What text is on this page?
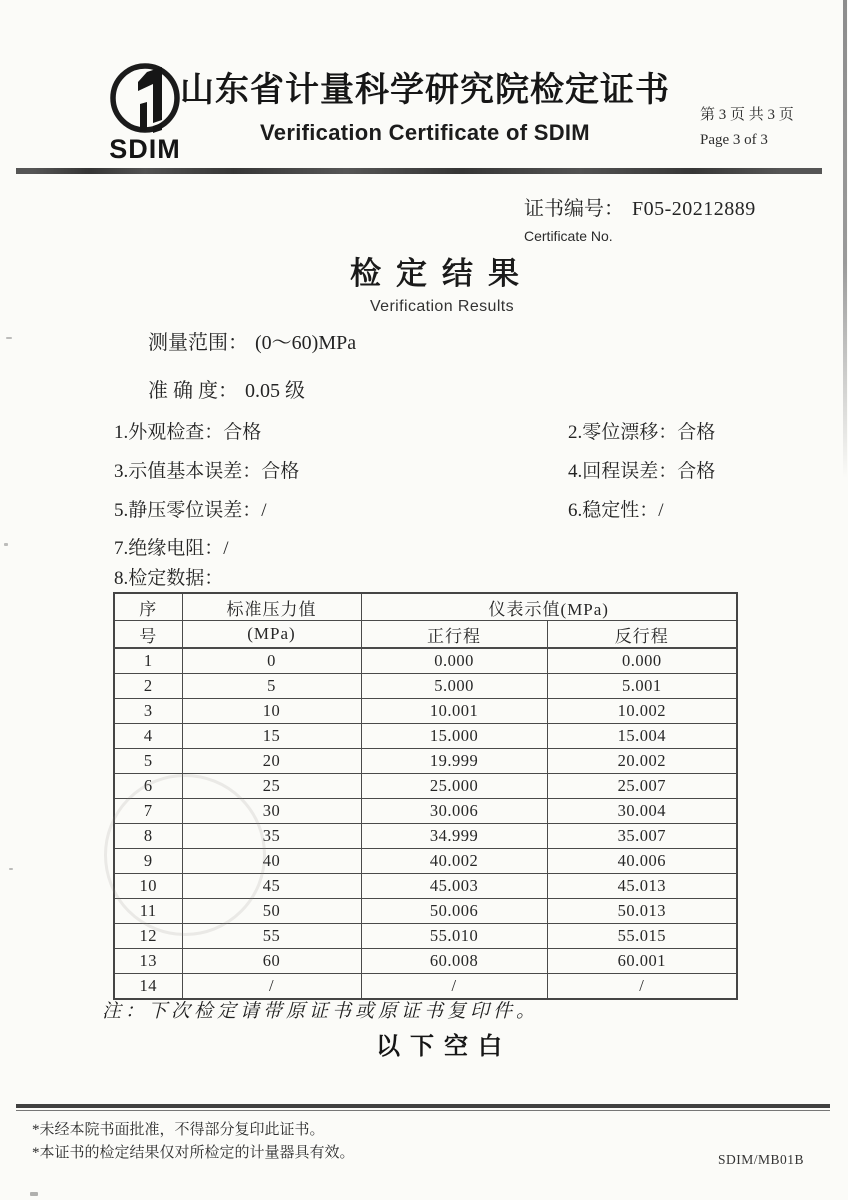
SDIM
山东省计量科学研究院检定证书
Verification Certificate of SDIM
第 3 页 共 3 页
Page 3 of 3
证书编号： F05-20212889
Certificate No.
检定结果
Verification Results
测量范围： (0～60)MPa
准 确 度： 0.05 级
1.外观检查：合格	2.零位漂移：合格
3.示值基本误差：合格	4.回程误差：合格
5.静压零位误差：/	6.稳定性：/
7.绝缘电阻：/
8.检定数据：
序	标准压力值	仪表示值(MPa)	
号	(MPa)	正行程	反行程
1	0	0.000	0.000
2	5	5.000	5.001
3	10	10.001	10.002
4	15	15.000	15.004
5	20	19.999	20.002
6	25	25.000	25.007
7	30	30.006	30.004
8	35	34.999	35.007
9	40	40.002	40.006
10	45	45.003	45.013
11	50	50.006	50.013
12	55	55.010	55.015
13	60	60.008	60.001
14	/	/	/
注：下次检定请带原证书或原证书复印件。
以下空白
*未经本院书面批准，不得部分复印此证书。
*本证书的检定结果仅对所检定的计量器具有效。	SDIM/MB01B
